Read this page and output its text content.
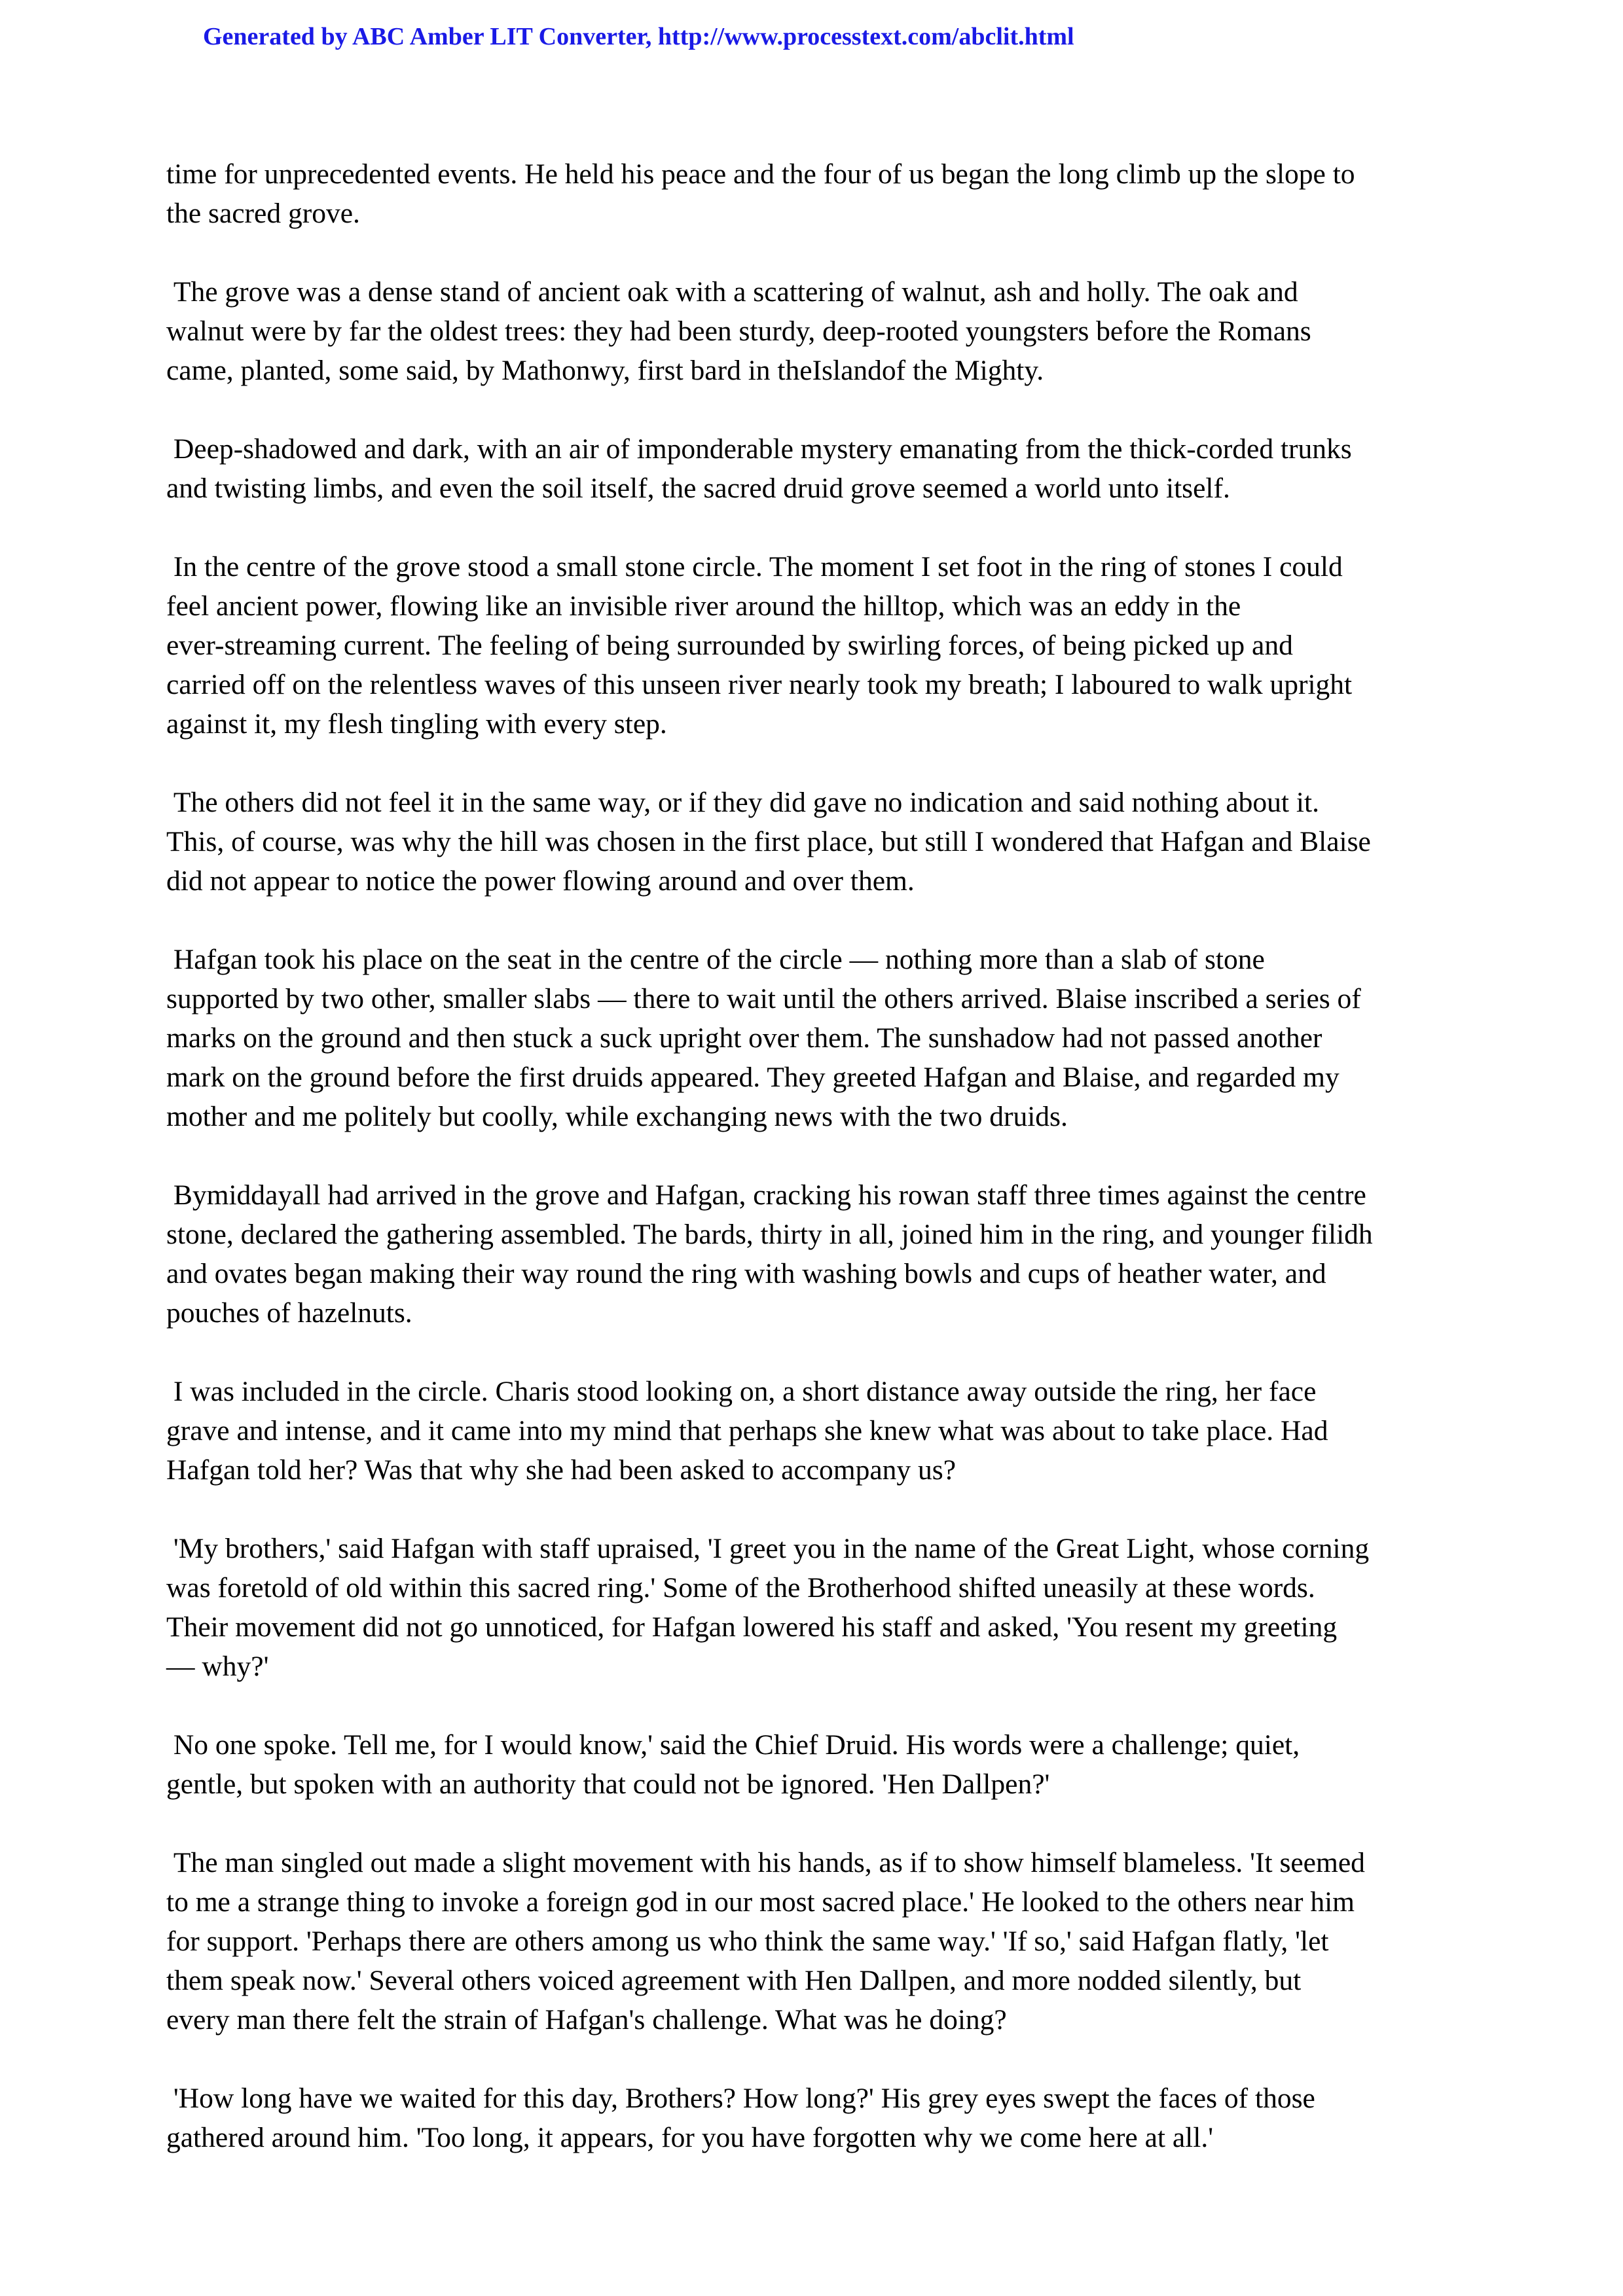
Generated by ABC Amber LIT Converter, http://www.processtext.com/abclit.html

time for unprecedented events. He held his peace and the four of us began the long climb up the slope to
the sacred grove.

The grove was a dense stand of ancient oak with a scattering of walnut, ash and holly. The oak and
walnut were by far the oldest trees: they had been sturdy, deep-rooted youngsters before the Romans
came, planted, some said, by Mathonwy, first bard in theIslandof the Mighty.

Deep-shadowed and dark, with an air of imponderable mystery emanating from the thick-corded trunks
and twisting limbs, and even the soil itself, the sacred druid grove seemed a world unto itself.

In the centre of the grove stood a small stone circle. The moment I set foot in the ring of stones I could
feel ancient power, flowing like an invisible river around the hilltop, which was an eddy in the
ever-streaming current. The feeling of being surrounded by swirling forces, of being picked up and
carried off on the relentless waves of this unseen river nearly took my breath; I laboured to walk upright
against it, my flesh tingling with every step.

The others did not feel it in the same way, or if they did gave no indication and said nothing about it.
This, of course, was why the hill was chosen in the first place, but still I wondered that Hafgan and Blaise
did not appear to notice the power flowing around and over them.

Hafgan took his place on the seat in the centre of the circle — nothing more than a slab of stone
supported by two other, smaller slabs — there to wait until the others arrived. Blaise inscribed a series of
marks on the ground and then stuck a suck upright over them. The sunshadow had not passed another
mark on the ground before the first druids appeared. They greeted Hafgan and Blaise, and regarded my
mother and me politely but coolly, while exchanging news with the two druids.

Bymiddayall had arrived in the grove and Hafgan, cracking his rowan staff three times against the centre
stone, declared the gathering assembled. The bards, thirty in all, joined him in the ring, and younger filidh
and ovates began making their way round the ring with washing bowls and cups of heather water, and
pouches of hazelnuts.

I was included in the circle. Charis stood looking on, a short distance away outside the ring, her face
grave and intense, and it came into my mind that perhaps she knew what was about to take place. Had
Hafgan told her? Was that why she had been asked to accompany us?

'My brothers,' said Hafgan with staff upraised, 'I greet you in the name of the Great Light, whose corning
was foretold of old within this sacred ring.' Some of the Brotherhood shifted uneasily at these words.
Their movement did not go unnoticed, for Hafgan lowered his staff and asked, 'You resent my greeting
— why?'

No one spoke. Tell me, for I would know,' said the Chief Druid. His words were a challenge; quiet,
gentle, but spoken with an authority that could not be ignored. 'Hen Dallpen?'

The man singled out made a slight movement with his hands, as if to show himself blameless. 'It seemed
to me a strange thing to invoke a foreign god in our most sacred place.' He looked to the others near him
for support. 'Perhaps there are others among us who think the same way.' 'If so,' said Hafgan flatly, 'let
them speak now.' Several others voiced agreement with Hen Dallpen, and more nodded silently, but
every man there felt the strain of Hafgan's challenge. What was he doing?

'How long have we waited for this day, Brothers? How long?' His grey eyes swept the faces of those
gathered around him. 'Too long, it appears, for you have forgotten why we come here at all.'
